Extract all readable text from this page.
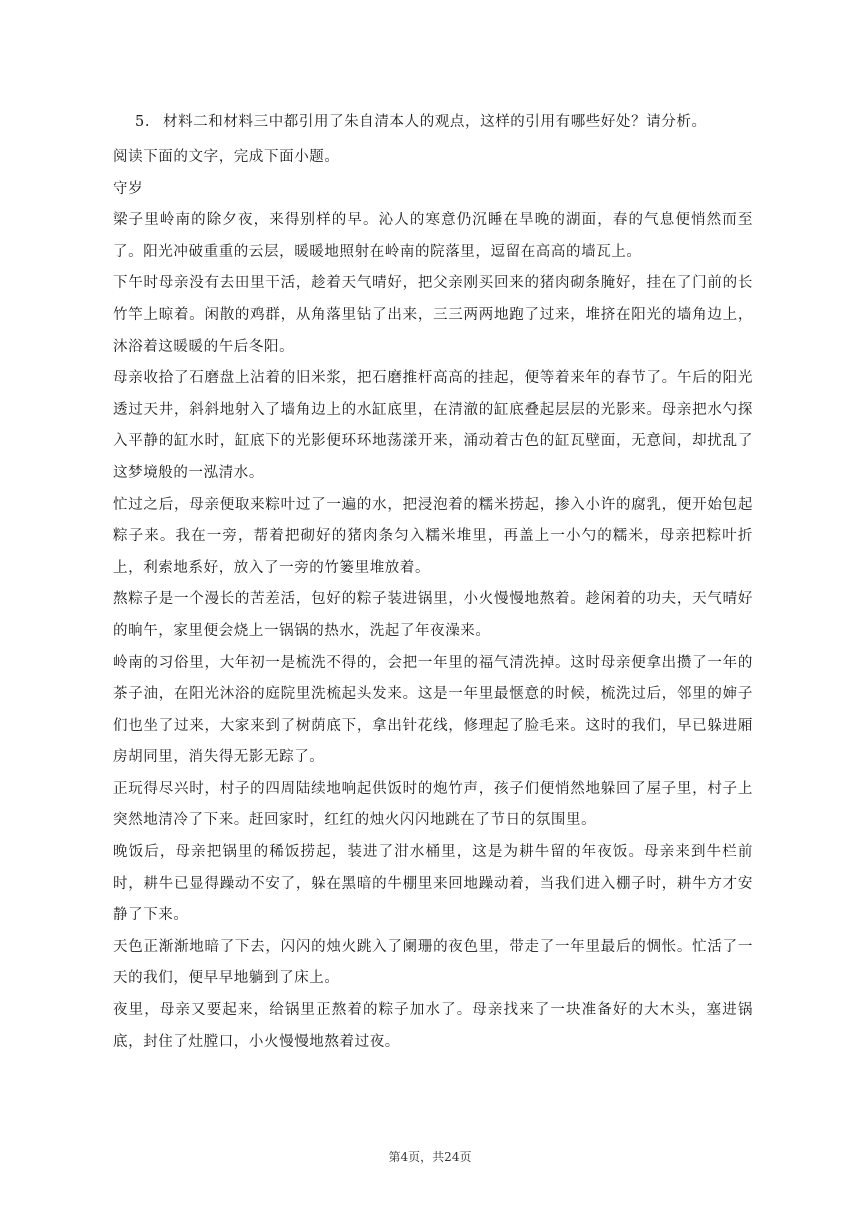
5. 材料二和材料三中都引用了朱自清本人的观点，这样的引用有哪些好处？请分析。

阅读下面的文字，完成下面小题。

守岁

梁子里岭南的除夕夜，来得别样的早。沁人的寒意仍沉睡在旱晚的湖面，春的气息便悄然而至了。阳光冲破重重的云层，暖暖地照射在岭南的院落里，逗留在高高的墙瓦上。

下午时母亲没有去田里干活，趁着天气晴好，把父亲刚买回来的猪肉砌条腌好，挂在了门前的长竹竿上晾着。闲散的鸡群，从角落里钻了出来，三三两两地跑了过来，堆挤在阳光的墙角边上，沐浴着这暖暖的午后冬阳。

母亲收拾了石磨盘上沾着的旧米浆，把石磨推杆高高的挂起，便等着来年的春节了。午后的阳光透过天井，斜斜地射入了墙角边上的水缸底里，在清澈的缸底叠起层层的光影来。母亲把水勺探入平静的缸水时，缸底下的光影便环环地荡漾开来，涌动着古色的缸瓦壁面，无意间，却扰乱了这梦境般的一泓清水。

忙过之后，母亲便取来粽叶过了一遍的水，把浸泡着的糯米捞起，掺入小许的腐乳，便开始包起粽子来。我在一旁，帮着把砌好的猪肉条匀入糯米堆里，再盖上一小勺的糯米，母亲把粽叶折上，利索地系好，放入了一旁的竹篓里堆放着。

熬粽子是一个漫长的苦差活，包好的粽子装进锅里，小火慢慢地熬着。趁闲着的功夫，天气晴好的晌午，家里便会烧上一锅锅的热水，洗起了年夜澡来。

岭南的习俗里，大年初一是梳洗不得的，会把一年里的福气清洗掉。这时母亲便拿出攒了一年的茶子油，在阳光沐浴的庭院里洗梳起头发来。这是一年里最惬意的时候，梳洗过后，邻里的婶子们也坐了过来，大家来到了树荫底下，拿出针花线，修理起了脸毛来。这时的我们，早已躲进厢房胡同里，消失得无影无踪了。

正玩得尽兴时，村子的四周陆续地响起供饭时的炮竹声，孩子们便悄然地躲回了屋子里，村子上突然地清冷了下来。赶回家时，红红的烛火闪闪地跳在了节日的氛围里。

晚饭后，母亲把锅里的稀饭捞起，装进了泔水桶里，这是为耕牛留的年夜饭。母亲来到牛栏前时，耕牛已显得躁动不安了，躲在黑暗的牛棚里来回地躁动着，当我们进入棚子时，耕牛方才安静了下来。

天色正渐渐地暗了下去，闪闪的烛火跳入了阑珊的夜色里，带走了一年里最后的惆怅。忙活了一天的我们，便早早地躺到了床上。

夜里，母亲又要起来，给锅里正熬着的粽子加水了。母亲找来了一块准备好的大木头，塞进锅底，封住了灶膛口，小火慢慢地熬着过夜。

第4页，共24页
